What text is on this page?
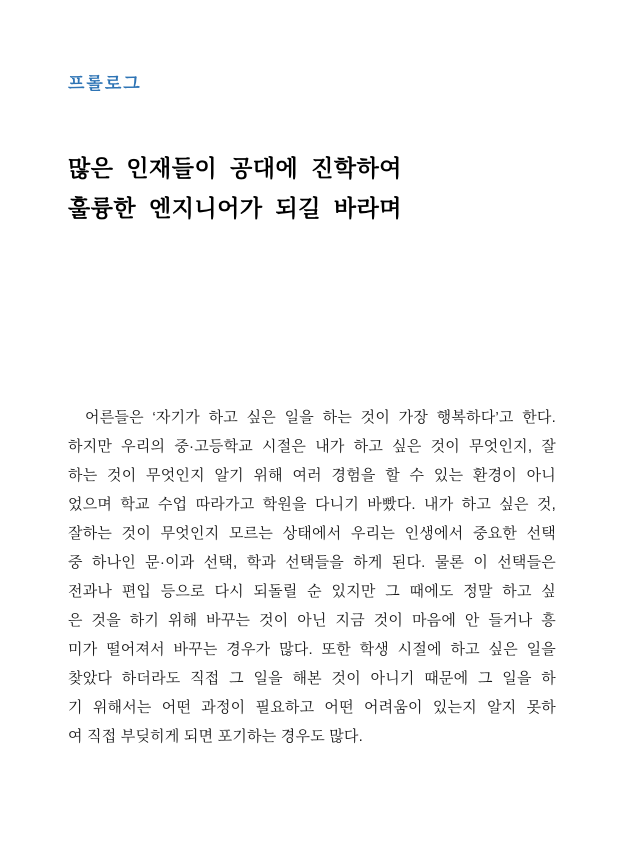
프롤로그
많은 인재들이 공대에 진학하여
훌륭한 엔지니어가 되길 바라며
어른들은 ‘자기가 하고 싶은 일을 하는 것이 가장 행복하다’고 한다.
하지만 우리의 중·고등학교 시절은 내가 하고 싶은 것이 무엇인지, 잘
하는 것이 무엇인지 알기 위해 여러 경험을 할 수 있는 환경이 아니
었으며 학교 수업 따라가고 학원을 다니기 바빴다. 내가 하고 싶은 것,
잘하는 것이 무엇인지 모르는 상태에서 우리는 인생에서 중요한 선택
중 하나인 문·이과 선택, 학과 선택들을 하게 된다. 물론 이 선택들은
전과나 편입 등으로 다시 되돌릴 순 있지만 그 때에도 정말 하고 싶
은 것을 하기 위해 바꾸는 것이 아닌 지금 것이 마음에 안 들거나 흥
미가 떨어져서 바꾸는 경우가 많다. 또한 학생 시절에 하고 싶은 일을
찾았다 하더라도 직접 그 일을 해본 것이 아니기 때문에 그 일을 하
기 위해서는 어떤 과정이 필요하고 어떤 어려움이 있는지 알지 못하
여 직접 부딪히게 되면 포기하는 경우도 많다.
